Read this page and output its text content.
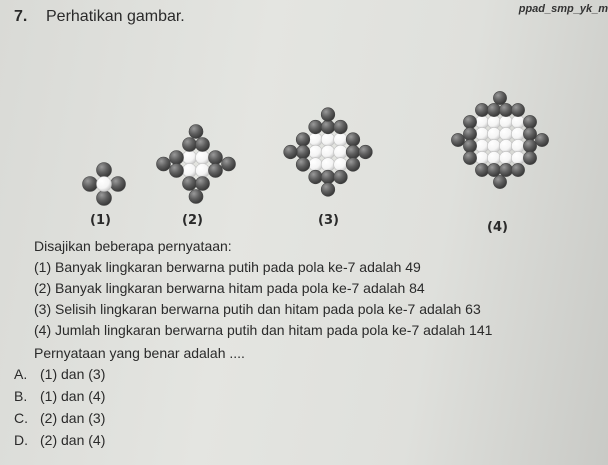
ppad_smp_yk_m
7. Perhatikan gambar.
(1)	(2)	(3)	(4)
Disajikan beberapa pernyataan:
(1) Banyak lingkaran berwarna putih pada pola ke-7 adalah 49
(2) Banyak lingkaran berwarna hitam pada pola ke-7 adalah 84
(3) Selisih lingkaran berwarna putih dan hitam pada pola ke-7 adalah 63
(4) Jumlah lingkaran berwarna putih dan hitam pada pola ke-7 adalah 141
Pernyataan yang benar adalah ....
A. (1) dan (3)
B. (1) dan (4)
C. (2) dan (3)
D. (2) dan (4)
